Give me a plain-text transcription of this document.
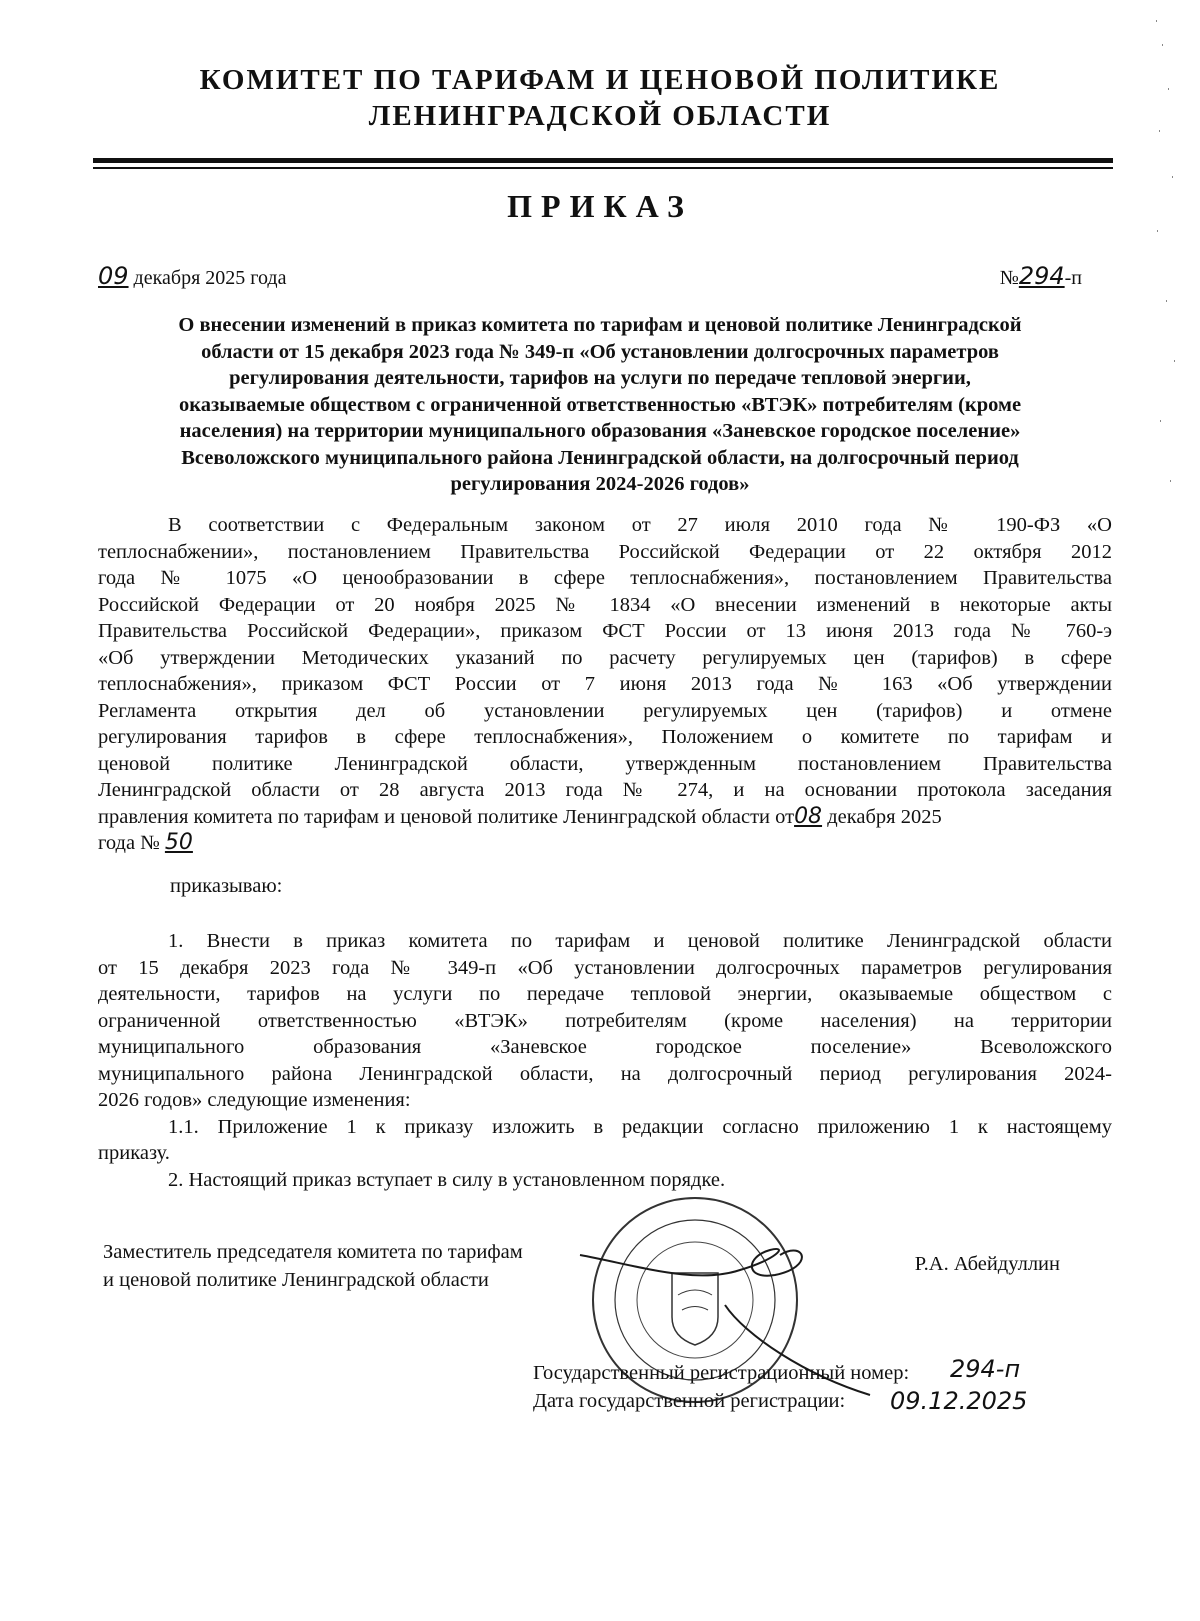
КОМИТЕТ ПО ТАРИФАМ И ЦЕНОВОЙ ПОЛИТИКЕ
ЛЕНИНГРАДСКОЙ ОБЛАСТИ
ПРИКАЗ
09 декабря 2025 года	№294-п
О внесении изменений в приказ комитета по тарифам и ценовой политике Ленинградской
области от 15 декабря 2023 года № 349-п «Об установлении долгосрочных параметров
регулирования деятельности, тарифов на услуги по передаче тепловой энергии,
оказываемые обществом с ограниченной ответственностью «ВТЭК» потребителям (кроме
населения) на территории муниципального образования «Заневское городское поселение»
Всеволожского муниципального района Ленинградской области, на долгосрочный период
регулирования 2024-2026 годов»
В соответствии с Федеральным законом от 27 июля 2010 года № 190-ФЗ «О
теплоснабжении», постановлением Правительства Российской Федерации от 22 октября 2012
года № 1075 «О ценообразовании в сфере теплоснабжения», постановлением Правительства
Российской Федерации от 20 ноября 2025 № 1834 «О внесении изменений в некоторые акты
Правительства Российской Федерации», приказом ФСТ России от 13 июня 2013 года № 760-э
«Об утверждении Методических указаний по расчету регулируемых цен (тарифов) в сфере
теплоснабжения», приказом ФСТ России от 7 июня 2013 года № 163 «Об утверждении
Регламента открытия дел об установлении регулируемых цен (тарифов) и отмене
регулирования тарифов в сфере теплоснабжения», Положением о комитете по тарифам и
ценовой политике Ленинградской области, утвержденным постановлением Правительства
Ленинградской области от 28 августа 2013 года № 274, и на основании протокола заседания
правления комитета по тарифам и ценовой политике Ленинградской области от08 декабря 2025
года № 50
приказываю:
1. Внести в приказ комитета по тарифам и ценовой политике Ленинградской области
от 15 декабря 2023 года № 349-п «Об установлении долгосрочных параметров регулирования
деятельности, тарифов на услуги по передаче тепловой энергии, оказываемые обществом с
ограниченной ответственностью «ВТЭК» потребителям (кроме населения) на территории
муниципального образования «Заневское городское поселение» Всеволожского
муниципального района Ленинградской области, на долгосрочный период регулирования 2024-
2026 годов» следующие изменения:
1.1. Приложение 1 к приказу изложить в редакции согласно приложению 1 к настоящему
приказу.
2. Настоящий приказ вступает в силу в установленном порядке.
Заместитель председателя комитета по тарифам
и ценовой политике Ленинградской области
Р.А. Абейдуллин
Государственный регистрационный номер:
Дата государственной регистрации:
294-п
09.12.2025
